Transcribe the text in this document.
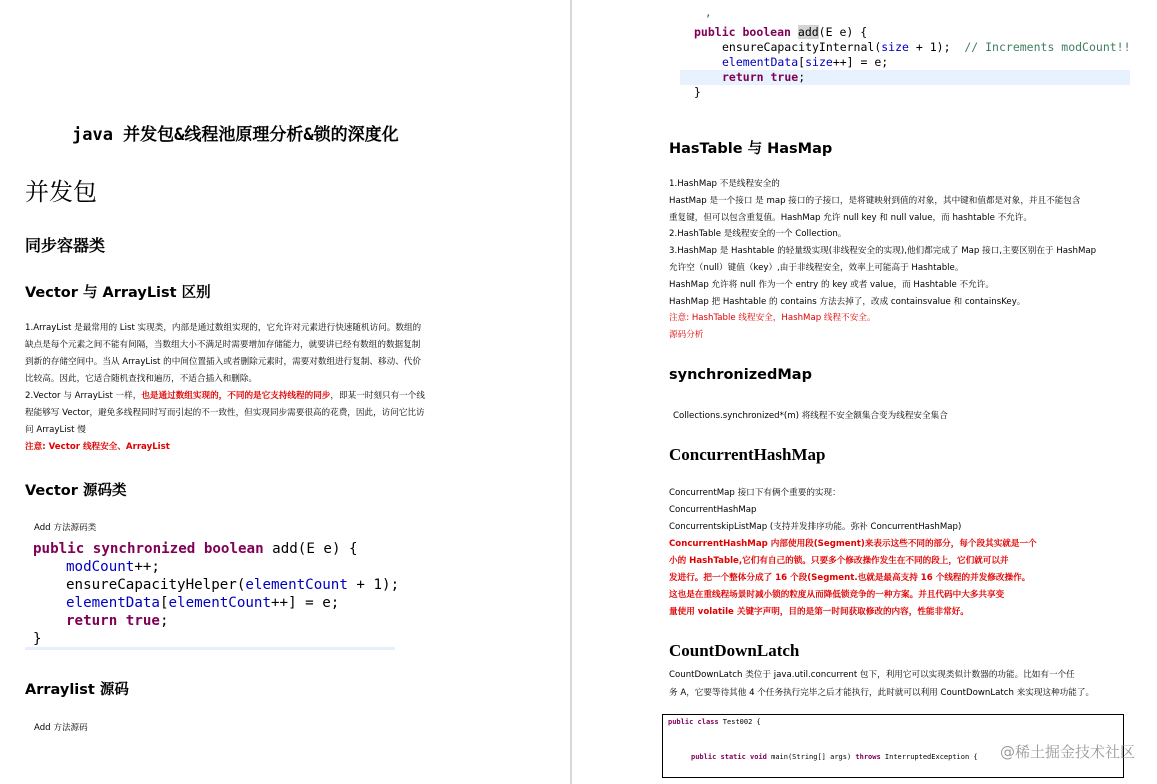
java 并发包&线程池原理分析&锁的深度化
并发包
同步容器类
Vector 与 ArrayList 区别
1.ArrayList 是最常用的 List 实现类，内部是通过数组实现的，它允许对元素进行快速随机访问。数组的
缺点是每个元素之间不能有间隔，当数组大小不满足时需要增加存储能力，就要讲已经有数组的数据复制
到新的存储空间中。当从 ArrayList 的中间位置插入或者删除元素时，需要对数组进行复制、移动、代价
比较高。因此，它适合随机查找和遍历，不适合插入和删除。
2.Vector 与 ArrayList 一样，也是通过数组实现的，不同的是它支持线程的同步，即某一时刻只有一个线
程能够写 Vector，避免多线程同时写而引起的不一致性，但实现同步需要很高的花费，因此，访问它比访
问 ArrayList 慢
注意: Vector 线程安全、ArrayList
Vector 源码类
Add 方法源码类
public synchronized boolean add(E e) {
modCount++;
ensureCapacityHelper(elementCount + 1);
elementData[elementCount++] = e;
return true;
}
Arraylist 源码
Add 方法源码
,
public boolean add(E e) {
ensureCapacityInternal(size + 1); // Increments modCount!!
elementData[size++] = e;
return true;
}
HasTable 与 HasMap
1.HashMap 不是线程安全的
HastMap 是一个接口 是 map 接口的子接口，是将键映射到值的对象，其中键和值都是对象，并且不能包含
重复键，但可以包含重复值。HashMap 允许 null key 和 null value，而 hashtable 不允许。
2.HashTable 是线程安全的一个 Collection。
3.HashMap 是 Hashtable 的轻量级实现(非线程安全的实现),他们都完成了 Map 接口,主要区别在于 HashMap
允许空（null）键值（key）,由于非线程安全，效率上可能高于 Hashtable。
HashMap 允许将 null 作为一个 entry 的 key 或者 value，而 Hashtable 不允许。
HashMap 把 Hashtable 的 contains 方法去掉了，改成 containsvalue 和 containsKey。
注意: HashTable 线程安全，HashMap 线程不安全。
源码分析
synchronizedMap
Collections.synchronized*(m) 将线程不安全额集合变为线程安全集合
ConcurrentHashMap
ConcurrentMap 接口下有俩个重要的实现：
ConcurrentHashMap
ConcurrentskipListMap (支持并发排序功能。弥补 ConcurrentHashMap)
ConcurrentHashMap 内部使用段(Segment)来表示这些不同的部分，每个段其实就是一个
小的 HashTable,它们有自己的锁。只要多个修改操作发生在不同的段上，它们就可以并
发进行。把一个整体分成了 16 个段(Segment.也就是最高支持 16 个线程的并发修改操作。
这也是在重线程场景时减小锁的粒度从而降低锁竞争的一种方案。并且代码中大多共享变
量使用 volatile 关键字声明，目的是第一时间获取修改的内容，性能非常好。
CountDownLatch
CountDownLatch 类位于 java.util.concurrent 包下，利用它可以实现类似计数器的功能。比如有一个任
务 A，它要等待其他 4 个任务执行完毕之后才能执行，此时就可以利用 CountDownLatch 来实现这种功能了。
public class Test002 {
public static void main(String[] args) throws InterruptedException { @稀土掘金技术社区
